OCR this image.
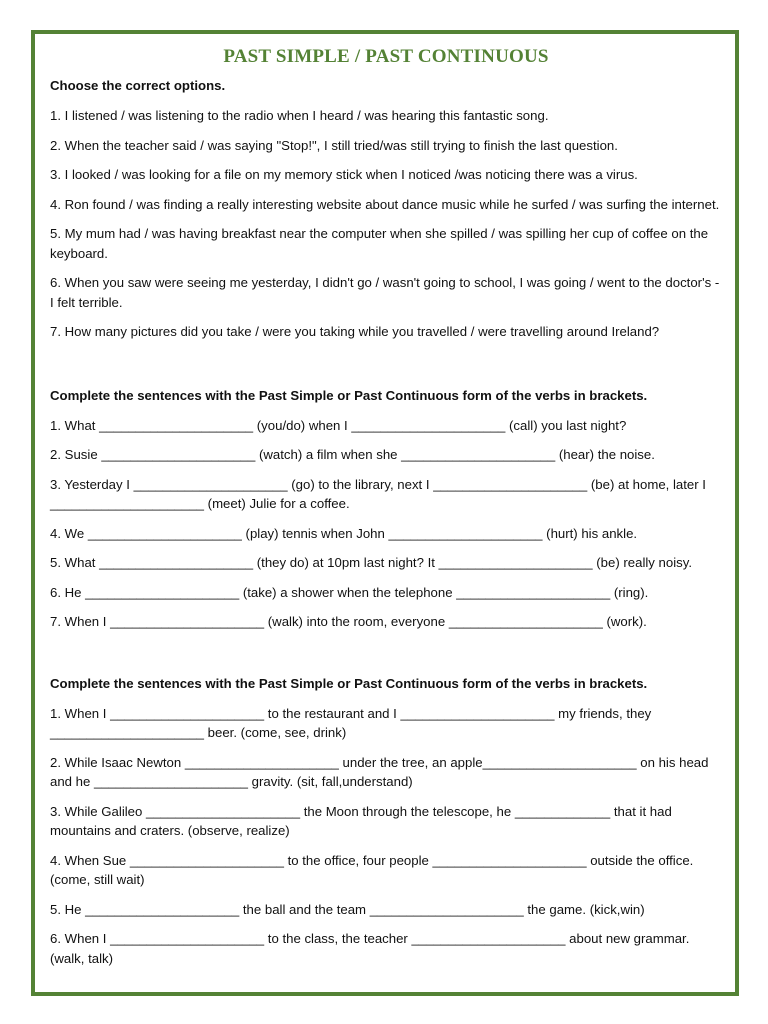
PAST SIMPLE / PAST CONTINUOUS
Choose the correct options.
1. I listened / was listening to the radio when I heard / was hearing this fantastic song.
2. When the teacher said / was saying "Stop!", I still tried/was still trying to finish the last question.
3. I looked / was looking for a file on my memory stick when I noticed /was noticing there was a virus.
4. Ron found / was finding a really interesting website about dance music while he surfed / was surfing the internet.
5. My mum had / was having breakfast near the computer when she spilled / was spilling her cup of coffee on the keyboard.
6. When you saw were seeing me yesterday, I didn't go / wasn't going to school, I was going / went to the doctor's - I felt terrible.
7. How many pictures did you take / were you taking while you travelled / were travelling around Ireland?
Complete the sentences with the Past Simple or Past Continuous form of the verbs in brackets.
1. What _____________________ (you/do) when I _____________________ (call) you last night?
2. Susie _____________________ (watch) a film when she _____________________ (hear) the noise.
3. Yesterday I _____________________ (go) to the library, next I _____________________ (be) at home, later I _____________________ (meet) Julie for a coffee.
4. We _____________________ (play) tennis when John _____________________ (hurt) his ankle.
5. What _____________________ (they do) at 10pm last night? It _____________________ (be) really noisy.
6. He _____________________ (take) a shower when the telephone _____________________ (ring).
7. When I _____________________ (walk) into the room, everyone _____________________ (work).
Complete the sentences with the Past Simple or Past Continuous form of the verbs in brackets.
1. When I _____________________ to the restaurant and I _____________________ my friends, they _____________________ beer. (come, see, drink)
2. While Isaac Newton _____________________ under the tree, an apple_____________________ on his head and he _____________________ gravity. (sit, fall,understand)
3. While Galileo _____________________ the Moon through the telescope, he _____________ that it had mountains and craters. (observe, realize)
4. When Sue _____________________ to the office, four people _____________________ outside the office. (come, still wait)
5. He _____________________ the ball and the team _____________________ the game. (kick,win)
6. When I _____________________ to the class, the teacher _____________________ about new grammar. (walk, talk)
